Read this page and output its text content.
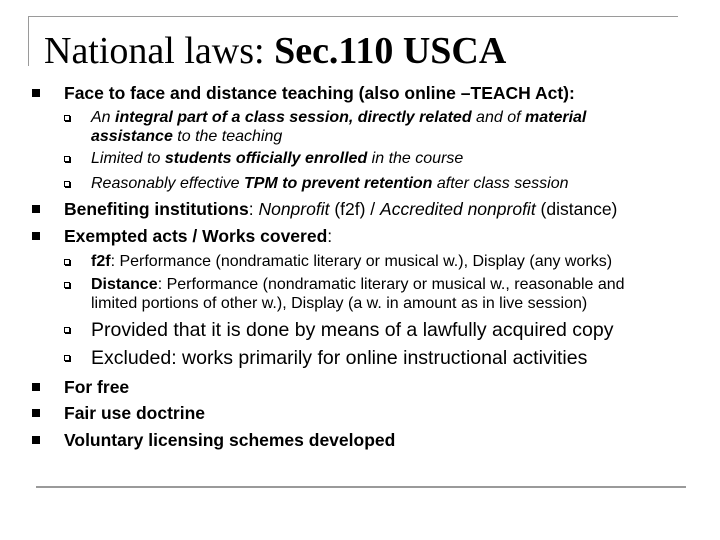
National laws: Sec.110 USCA
Face to face and distance teaching (also online –TEACH Act):
An integral part of a class session, directly related and of material
assistance to the teaching
Limited to students officially enrolled in the course
Reasonably effective TPM to prevent retention after class session
Benefiting institutions: Nonprofit (f2f) / Accredited nonprofit (distance)
Exempted acts / Works covered:
f2f: Performance (nondramatic literary or musical w.), Display (any works)
Distance: Performance (nondramatic literary or musical w., reasonable and
limited portions of other w.), Display (a w. in amount as in live session)
Provided that it is done by means of a lawfully acquired copy
Excluded: works primarily for online instructional activities
For free
Fair use doctrine
Voluntary licensing schemes developed
